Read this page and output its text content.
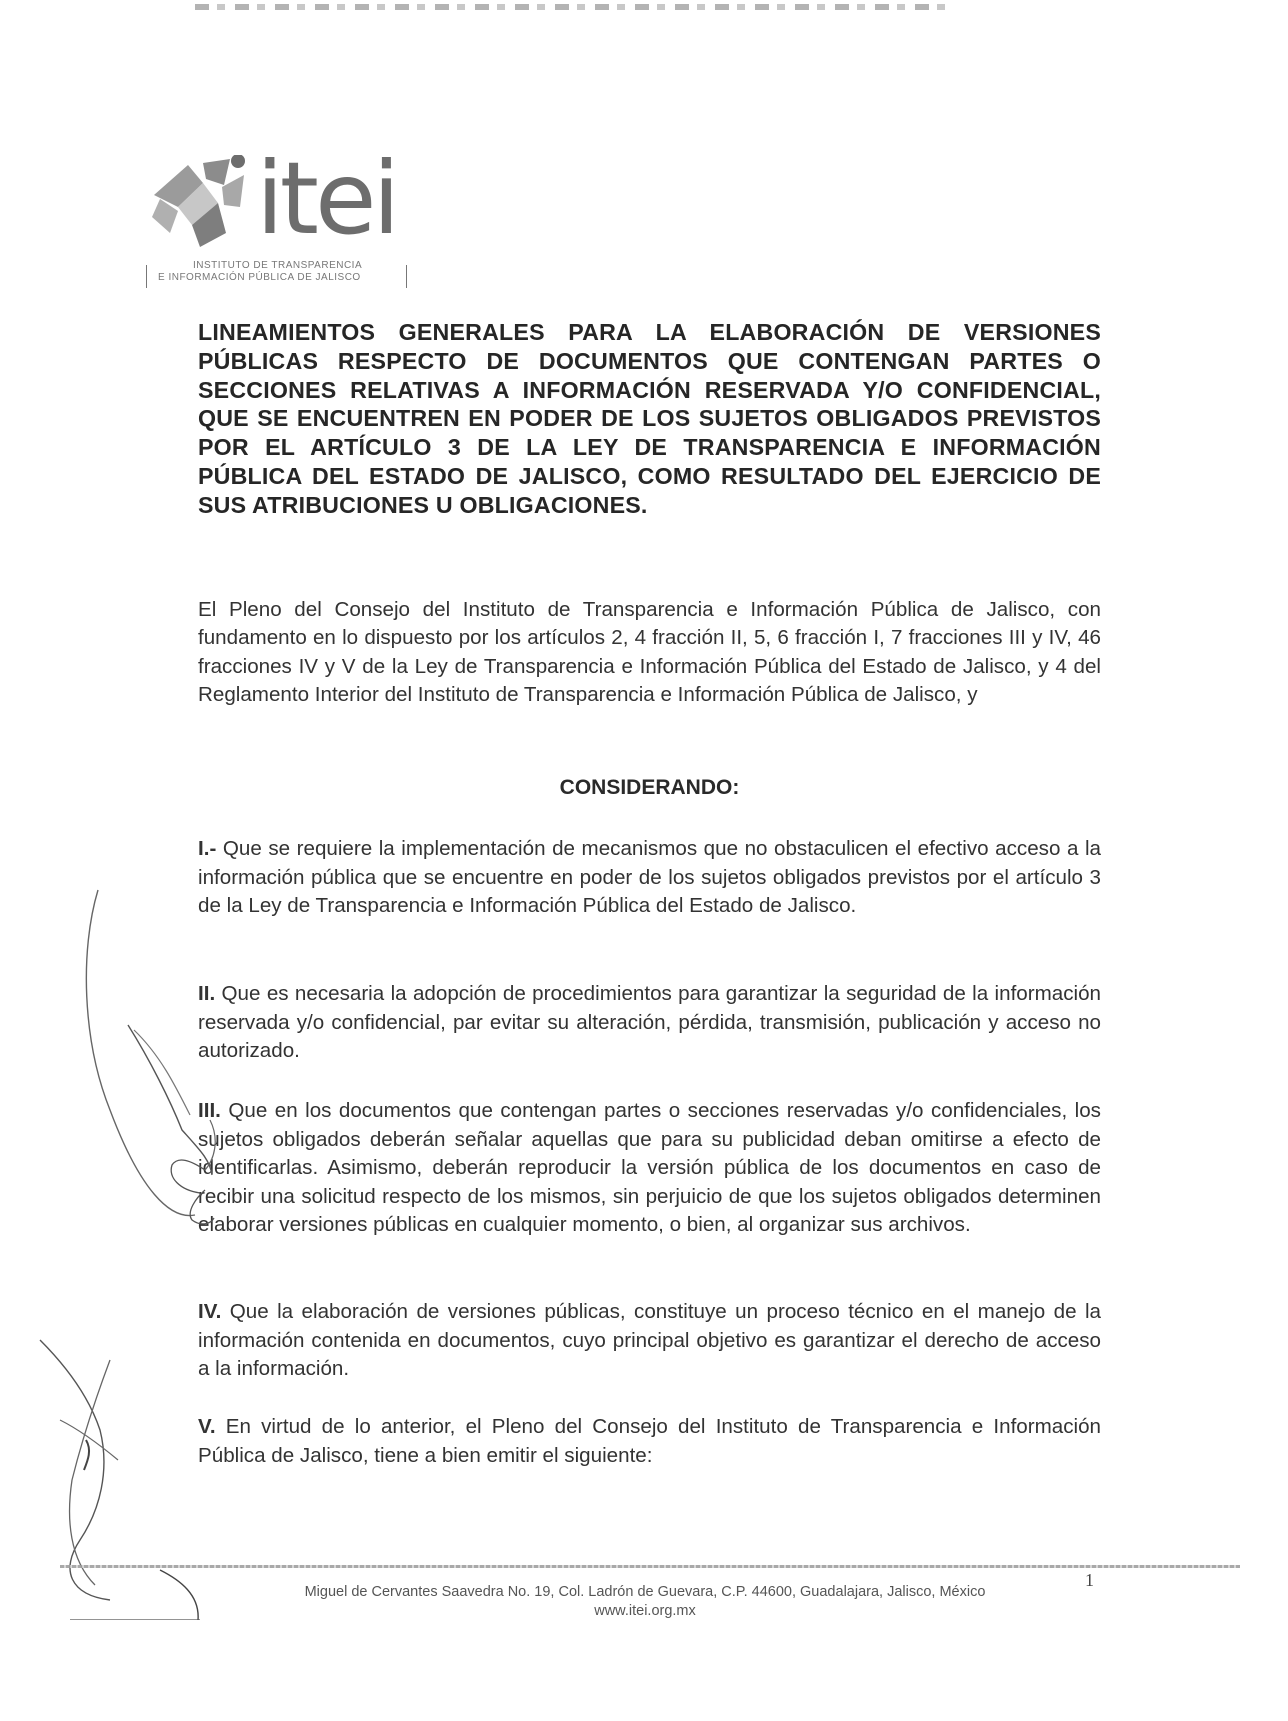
itei
INSTITUTO DE TRANSPARENCIA
E INFORMACIÓN PÚBLICA DE JALISCO
LINEAMIENTOS GENERALES PARA LA ELABORACIÓN DE VERSIONES PÚBLICAS RESPECTO DE DOCUMENTOS QUE CONTENGAN PARTES O SECCIONES RELATIVAS A INFORMACIÓN RESERVADA Y/O CONFIDENCIAL, QUE SE ENCUENTREN EN PODER DE LOS SUJETOS OBLIGADOS PREVISTOS POR EL ARTÍCULO 3 DE LA LEY DE TRANSPARENCIA E INFORMACIÓN PÚBLICA DEL ESTADO DE JALISCO, COMO RESULTADO DEL EJERCICIO DE SUS ATRIBUCIONES U OBLIGACIONES.

El Pleno del Consejo del Instituto de Transparencia e Información Pública de Jalisco, con fundamento en lo dispuesto por los artículos 2, 4 fracción II, 5, 6 fracción I, 7 fracciones III y IV, 46 fracciones IV y V de la Ley de Transparencia e Información Pública del Estado de Jalisco, y 4 del Reglamento Interior del Instituto de Transparencia e Información Pública de Jalisco, y

CONSIDERANDO:

I.- Que se requiere la implementación de mecanismos que no obstaculicen el efectivo acceso a la información pública que se encuentre en poder de los sujetos obligados previstos por el artículo 3 de la Ley de Transparencia e Información Pública del Estado de Jalisco.

II. Que es necesaria la adopción de procedimientos para garantizar la seguridad de la información reservada y/o confidencial, par evitar su alteración, pérdida, transmisión, publicación y acceso no autorizado.

III. Que en los documentos que contengan partes o secciones reservadas y/o confidenciales, los sujetos obligados deberán señalar aquellas que para su publicidad deban omitirse a efecto de identificarlas. Asimismo, deberán reproducir la versión pública de los documentos en caso de recibir una solicitud respecto de los mismos, sin perjuicio de que los sujetos obligados determinen elaborar versiones públicas en cualquier momento, o bien, al organizar sus archivos.

IV. Que la elaboración de versiones públicas, constituye un proceso técnico en el manejo de la información contenida en documentos, cuyo principal objetivo es garantizar el derecho de acceso a la información.

V. En virtud de lo anterior, el Pleno del Consejo del Instituto de Transparencia e Información Pública de Jalisco, tiene a bien emitir el siguiente:

1
Miguel de Cervantes Saavedra No. 19, Col. Ladrón de Guevara, C.P. 44600, Guadalajara, Jalisco, México
www.itei.org.mx
